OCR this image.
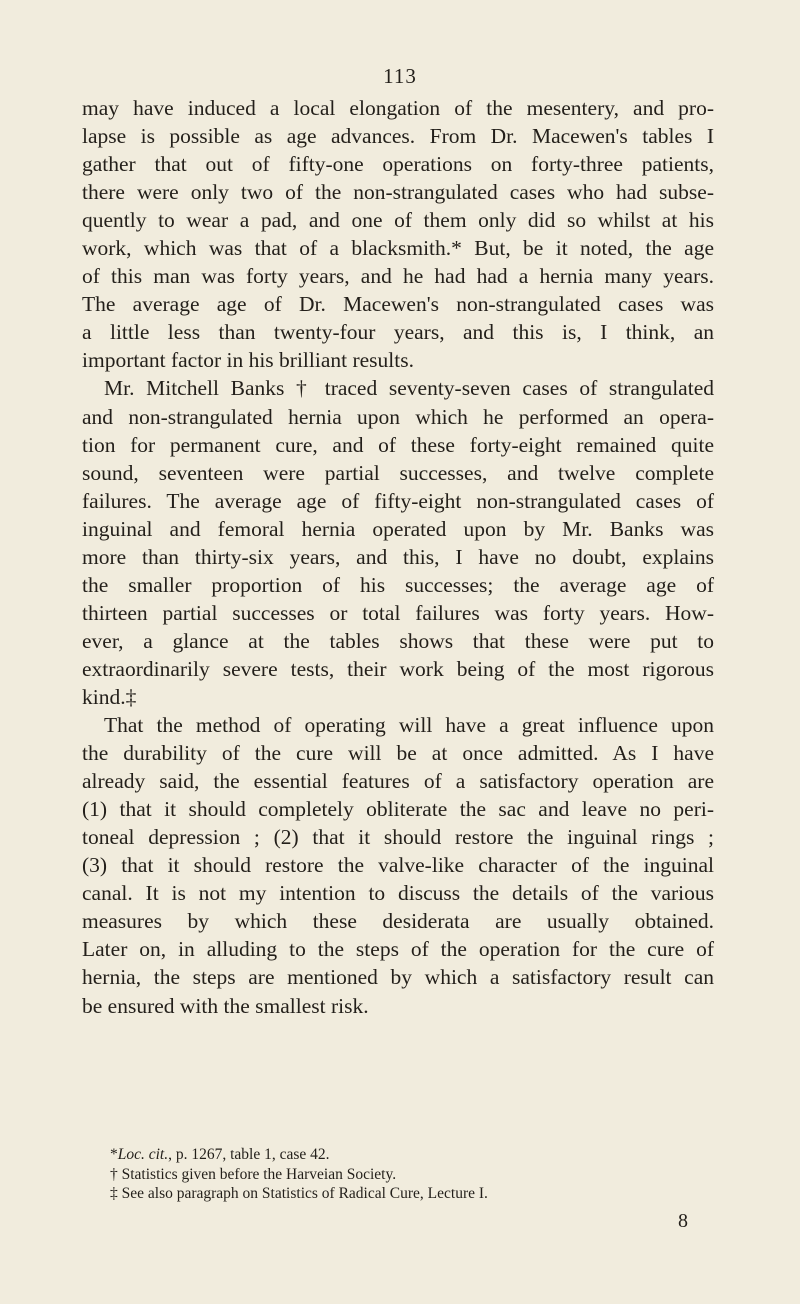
113
may have induced a local elongation of the mesentery, and pro-
lapse is possible as age advances. From Dr. Macewen's tables I
gather that out of fifty-one operations on forty-three patients,
there were only two of the non-strangulated cases who had subse-
quently to wear a pad, and one of them only did so whilst at his
work, which was that of a blacksmith.* But, be it noted, the age
of this man was forty years, and he had had a hernia many years.
The average age of Dr. Macewen's non-strangulated cases was
a little less than twenty-four years, and this is, I think, an
important factor in his brilliant results.
Mr. Mitchell Banks † traced seventy-seven cases of strangulated
and non-strangulated hernia upon which he performed an opera-
tion for permanent cure, and of these forty-eight remained quite
sound, seventeen were partial successes, and twelve complete
failures. The average age of fifty-eight non-strangulated cases of
inguinal and femoral hernia operated upon by Mr. Banks was
more than thirty-six years, and this, I have no doubt, explains
the smaller proportion of his successes; the average age of
thirteen partial successes or total failures was forty years. How-
ever, a glance at the tables shows that these were put to
extraordinarily severe tests, their work being of the most rigorous
kind.‡
That the method of operating will have a great influence upon
the durability of the cure will be at once admitted. As I have
already said, the essential features of a satisfactory operation are
(1) that it should completely obliterate the sac and leave no peri-
toneal depression ; (2) that it should restore the inguinal rings ;
(3) that it should restore the valve-like character of the inguinal
canal. It is not my intention to discuss the details of the various
measures by which these desiderata are usually obtained.
Later on, in alluding to the steps of the operation for the cure of
hernia, the steps are mentioned by which a satisfactory result can
be ensured with the smallest risk.
*Loc. cit., p. 1267, table 1, case 42.
† Statistics given before the Harveian Society.
‡ See also paragraph on Statistics of Radical Cure, Lecture I.
8
